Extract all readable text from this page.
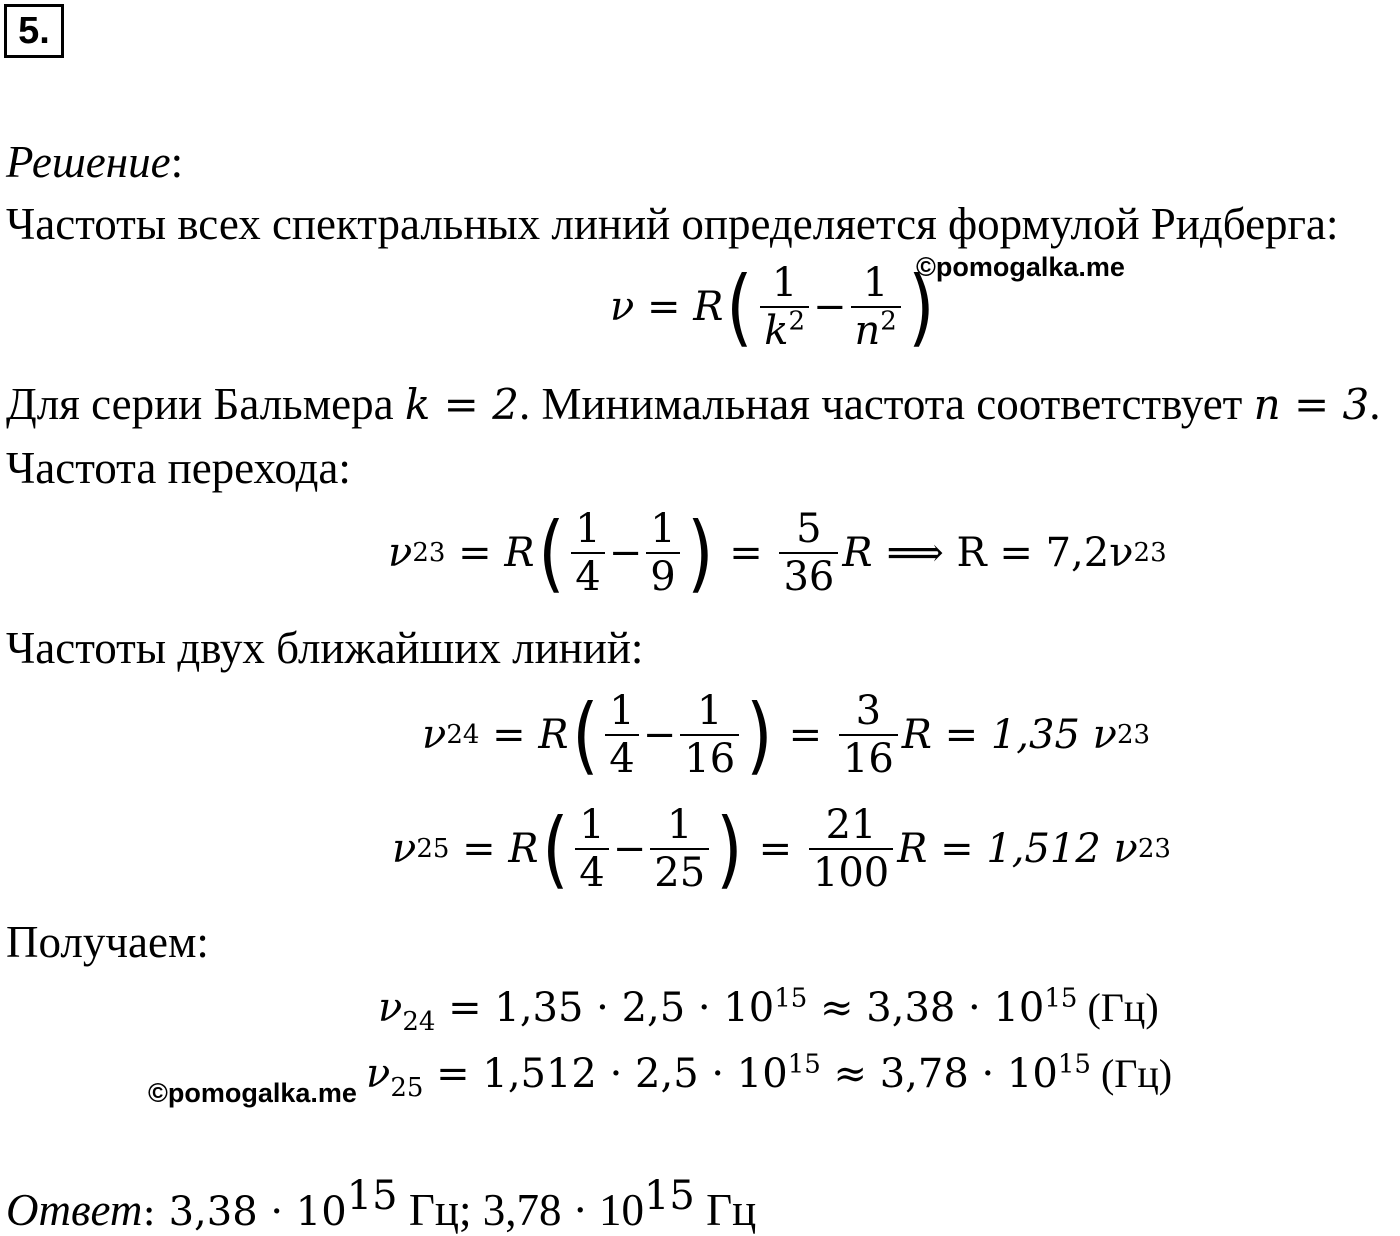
5.
Решение:
Частоты всех спектральных линий определяется формулой Ридберга:
©pomogalka.me
ν = R ( $\frac{1}{k^2} - \frac{1}{n^2}$ )
Для серии Бальмера k = 2. Минимальная частота соответствует n = 3.
Частота перехода:
ν 23 = R ( $\frac{1}{4} - \frac{1}{9}$ ) = $\frac{5}{36}$ R ⟹ R = 7,2ν 23
Частоты двух ближайших линий:
ν 24 = R ( $\frac{1}{4} - \frac{1}{16}$ ) = $\frac{3}{16}$ R = 1,35 ν 23
ν 25 = R ( $\frac{1}{4} - \frac{1}{25}$ ) = $\frac{21}{100}$ R = 1,512 ν 23
Получаем:
$\nu_{24} = 1,35 \cdot 2,5 \cdot 10^{15} \approx 3,38 \cdot 10^{15}$ (Гц)
$\nu_{25} = 1,512 \cdot 2,5 \cdot 10^{15} \approx 3,78 \cdot 10^{15}$ (Гц)
©pomogalka.me
Ответ: $3,38 \cdot 10^{15}$ Гц; $3,78 \cdot 10^{15}$ Гц
